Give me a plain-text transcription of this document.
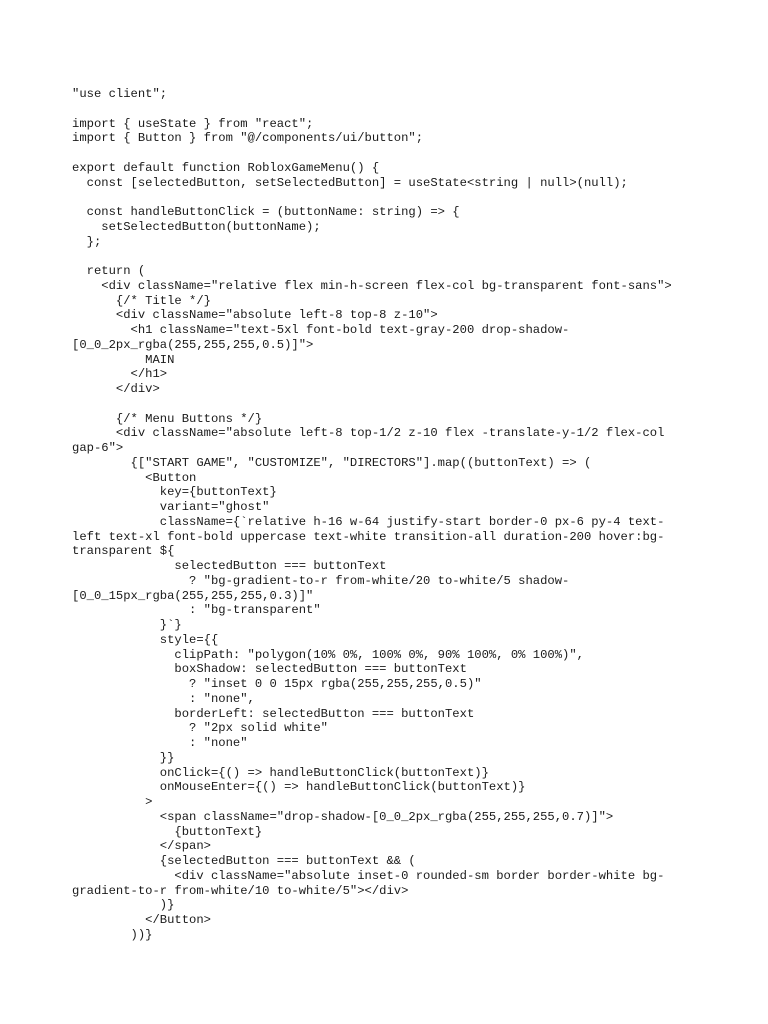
"use client";
import { useState } from "react";
import { Button } from "@/components/ui/button";
export default function RobloxGameMenu() {
const [selectedButton, setSelectedButton] = useState<string | null>(null);
const handleButtonClick = (buttonName: string) => {
setSelectedButton(buttonName);
};
return (
<div className="relative flex min-h-screen flex-col bg-transparent font-sans">
{/* Title */}
<div className="absolute left-8 top-8 z-10">
<h1 className="text-5xl font-bold text-gray-200 drop-shadow-
[0_0_2px_rgba(255,255,255,0.5)]">
MAIN
</h1>
</div>
{/* Menu Buttons */}
<div className="absolute left-8 top-1/2 z-10 flex -translate-y-1/2 flex-col
gap-6">
{["START GAME", "CUSTOMIZE", "DIRECTORS"].map((buttonText) => (
<Button
key={buttonText}
variant="ghost"
className={`relative h-16 w-64 justify-start border-0 px-6 py-4 text-
left text-xl font-bold uppercase text-white transition-all duration-200 hover:bg-
transparent ${
selectedButton === buttonText
? "bg-gradient-to-r from-white/20 to-white/5 shadow-
[0_0_15px_rgba(255,255,255,0.3)]"
: "bg-transparent"
}`}
style={{
clipPath: "polygon(10% 0%, 100% 0%, 90% 100%, 0% 100%)",
boxShadow: selectedButton === buttonText
? "inset 0 0 15px rgba(255,255,255,0.5)"
: "none",
borderLeft: selectedButton === buttonText
? "2px solid white"
: "none"
}}
onClick={() => handleButtonClick(buttonText)}
onMouseEnter={() => handleButtonClick(buttonText)}
>
<span className="drop-shadow-[0_0_2px_rgba(255,255,255,0.7)]">
{buttonText}
</span>
{selectedButton === buttonText && (
<div className="absolute inset-0 rounded-sm border border-white bg-
gradient-to-r from-white/10 to-white/5"></div>
)}
</Button>
))}
